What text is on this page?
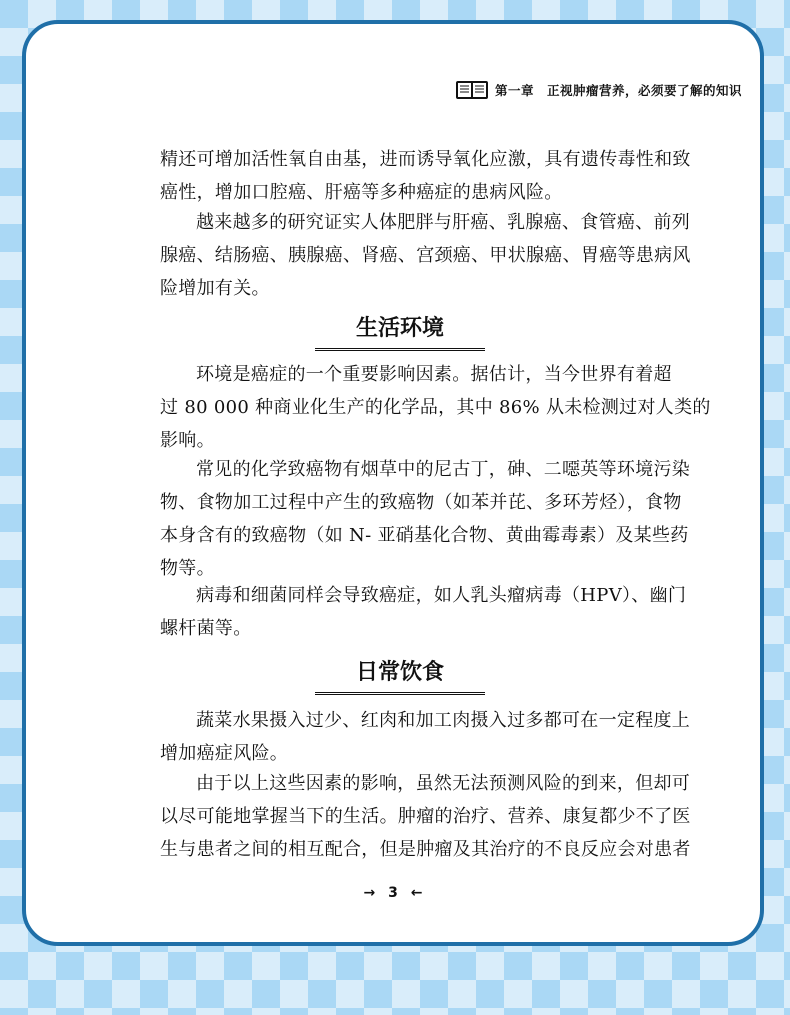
第一章　正视肿瘤营养，必须要了解的知识
精还可增加活性氧自由基，进而诱导氧化应激，具有遗传毒性和致
癌性，增加口腔癌、肝癌等多种癌症的患病风险。
越来越多的研究证实人体肥胖与肝癌、乳腺癌、食管癌、前列
腺癌、结肠癌、胰腺癌、肾癌、宫颈癌、甲状腺癌、胃癌等患病风
险增加有关。
生活环境
环境是癌症的一个重要影响因素。据估计，当今世界有着超
过 80 000 种商业化生产的化学品，其中 86% 从未检测过对人类的
影响。
常见的化学致癌物有烟草中的尼古丁，砷、二噁英等环境污染
物、食物加工过程中产生的致癌物（如苯并芘、多环芳烃），食物
本身含有的致癌物（如 N- 亚硝基化合物、黄曲霉毒素）及某些药
物等。
病毒和细菌同样会导致癌症，如人乳头瘤病毒（HPV）、幽门
螺杆菌等。
日常饮食
蔬菜水果摄入过少、红肉和加工肉摄入过多都可在一定程度上
增加癌症风险。
由于以上这些因素的影响，虽然无法预测风险的到来，但却可
以尽可能地掌握当下的生活。肿瘤的治疗、营养、康复都少不了医
生与患者之间的相互配合，但是肿瘤及其治疗的不良反应会对患者
→ 3 ←
